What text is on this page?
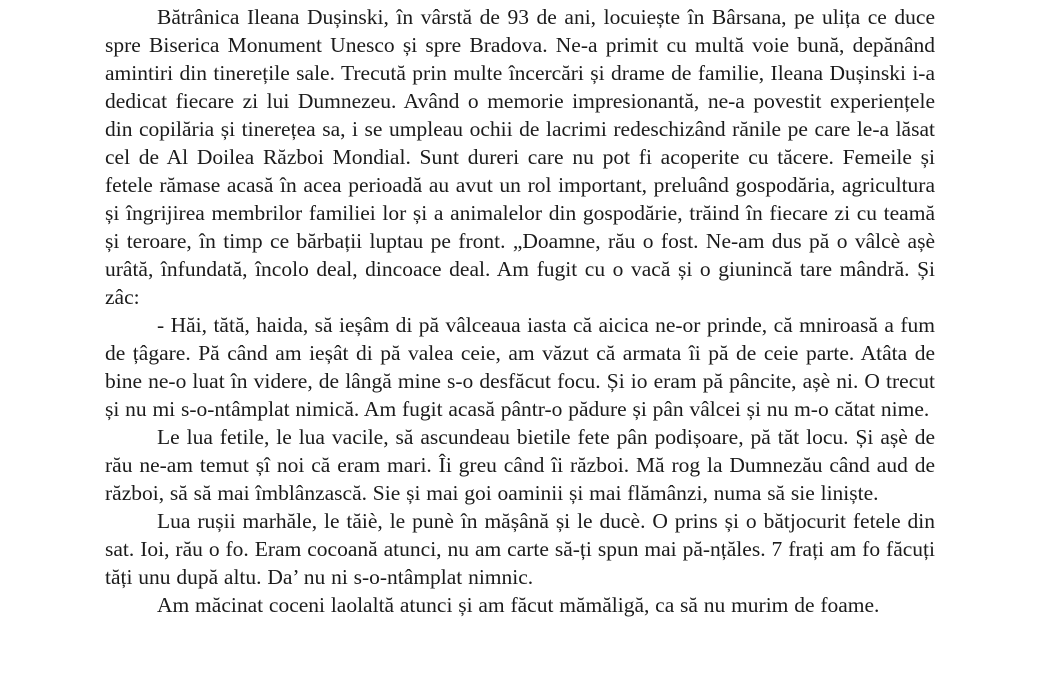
Bătrânica Ileana Dușinski, în vârstă de 93 de ani, locuiește în Bârsana, pe ulița ce duce spre Biserica Monument Unesco și spre Bradova. Ne-a primit cu multă voie bună, depănând amintiri din tinerețile sale. Trecută prin multe încercări și drame de familie, Ileana Dușinski i-a dedicat fiecare zi lui Dumnezeu. Având o memorie impresionantă, ne-a povestit experiențele din copilăria și tinerețea sa, i se umpleau ochii de lacrimi redeschizând rănile pe care le-a lăsat cel de Al Doilea Război Mondial. Sunt dureri care nu pot fi acoperite cu tăcere. Femeile și fetele rămase acasă în acea perioadă au avut un rol important, preluând gospodăria, agricultura și îngrijirea membrilor familiei lor și a animalelor din gospodărie, trăind în fiecare zi cu teamă și teroare, în timp ce bărbații luptau pe front. „Doamne, rău o fost. Ne-am dus pă o vâlcè așè urâtă, înfundată, încolo deal, dincoace deal. Am fugit cu o vacă și o giunincă tare mândră. Și zâc:

- Hăi, tătă, haida, să ieșâm di pă vâlceaua iasta că aicica ne-or prinde, că mniroasă a fum de țâgare. Pă când am ieșât di pă valea ceie, am văzut că armata îi pă de ceie parte. Atâta de bine ne-o luat în videre, de lângă mine s-o desfăcut focu. Și io eram pă pâncite, așè ni. O trecut și nu mi s-o-ntâmplat nimică. Am fugit acasă pântr-o pădure și pân vâlcei și nu m-o cătat nime.

Le lua fetile, le lua vacile, să ascundeau bietile fete pân podișoare, pă tăt locu. Și așè de rău ne-am temut șî noi că eram mari. Îi greu când îi război. Mă rog la Dumnezău când aud de război, să să mai îmblânzască. Sie și mai goi oaminii și mai flămânzi, numa să sie liniște.

Lua rușii marhăle, le tăiè, le punè în mășână și le ducè. O prins și o bătjocurit fetele din sat. Ioi, rău o fo. Eram cocoană atunci, nu am carte să-ți spun mai pă-nțăles. 7 frați am fo făcuți tăți unu după altu. Da’ nu ni s-o-ntâmplat nimnic.

Am măcinat coceni laolaltă atunci și am făcut mămăligă, ca să nu murim de foame.
